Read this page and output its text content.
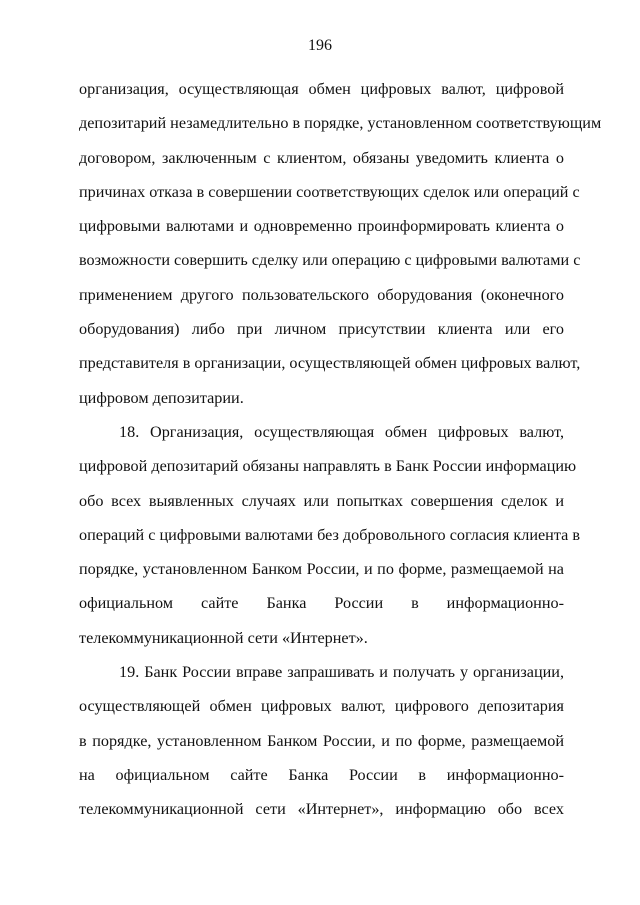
196
организация, осуществляющая обмен цифровых валют, цифровой
депозитарий незамедлительно в порядке, установленном соответствующим
договором, заключенным с клиентом, обязаны уведомить клиента о
причинах отказа в совершении соответствующих сделок или операций с
цифровыми валютами и одновременно проинформировать клиента о
возможности совершить сделку или операцию с цифровыми валютами с
применением другого пользовательского оборудования (оконечного
оборудования) либо при личном присутствии клиента или его
представителя в организации, осуществляющей обмен цифровых валют,
цифровом депозитарии.
18. Организация, осуществляющая обмен цифровых валют,
цифровой депозитарий обязаны направлять в Банк России информацию
обо всех выявленных случаях или попытках совершения сделок и
операций с цифровыми валютами без добровольного согласия клиента в
порядке, установленном Банком России, и по форме, размещаемой на
официальном сайте Банка России в информационно-
телекоммуникационной сети «Интернет».
19. Банк России вправе запрашивать и получать у организации,
осуществляющей обмен цифровых валют, цифрового депозитария
в порядке, установленном Банком России, и по форме, размещаемой
на официальном сайте Банка России в информационно-
телекоммуникационной сети «Интернет», информацию обо всех
